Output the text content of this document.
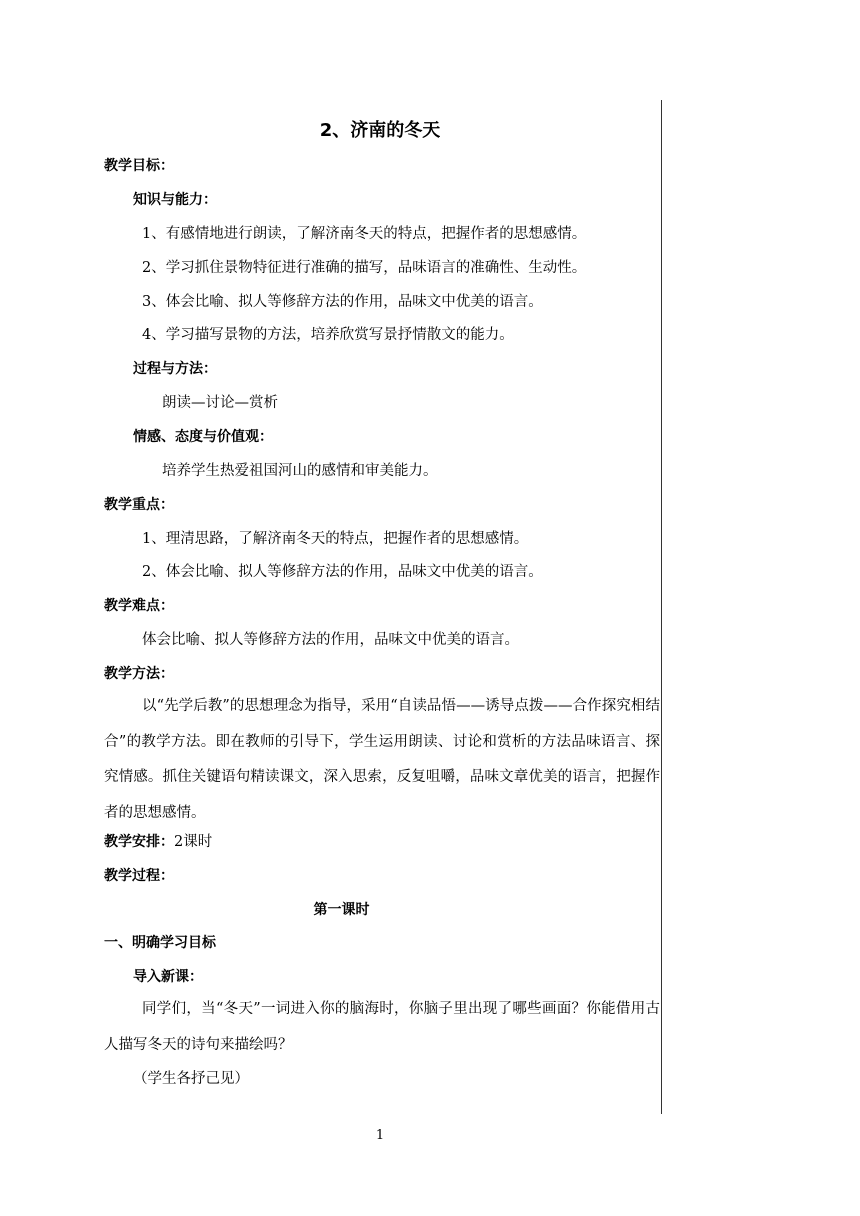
2、济南的冬天
教学目标：
知识与能力：
1、有感情地进行朗读，了解济南冬天的特点，把握作者的思想感情。
2、学习抓住景物特征进行准确的描写，品味语言的准确性、生动性。
3、体会比喻、拟人等修辞方法的作用，品味文中优美的语言。
4、学习描写景物的方法，培养欣赏写景抒情散文的能力。
过程与方法：
朗读—讨论—赏析
情感、态度与价值观：
培养学生热爱祖国河山的感情和审美能力。
教学重点：
1、理清思路，了解济南冬天的特点，把握作者的思想感情。
2、体会比喻、拟人等修辞方法的作用，品味文中优美的语言。
教学难点：
体会比喻、拟人等修辞方法的作用，品味文中优美的语言。
教学方法：
以“先学后教”的思想理念为指导，采用“自读品悟——诱导点拨——合作探究相结合”的教学方法。即在教师的引导下，学生运用朗读、讨论和赏析的方法品味语言、探究情感。抓住关键语句精读课文，深入思索，反复咀嚼，品味文章优美的语言，把握作者的思想感情。
教学安排：2课时
教学过程：
第一课时
一、明确学习目标
导入新课：
同学们，当“冬天”一词进入你的脑海时，你脑子里出现了哪些画面？你能借用古人描写冬天的诗句来描绘吗？
（学生各抒己见）
1
